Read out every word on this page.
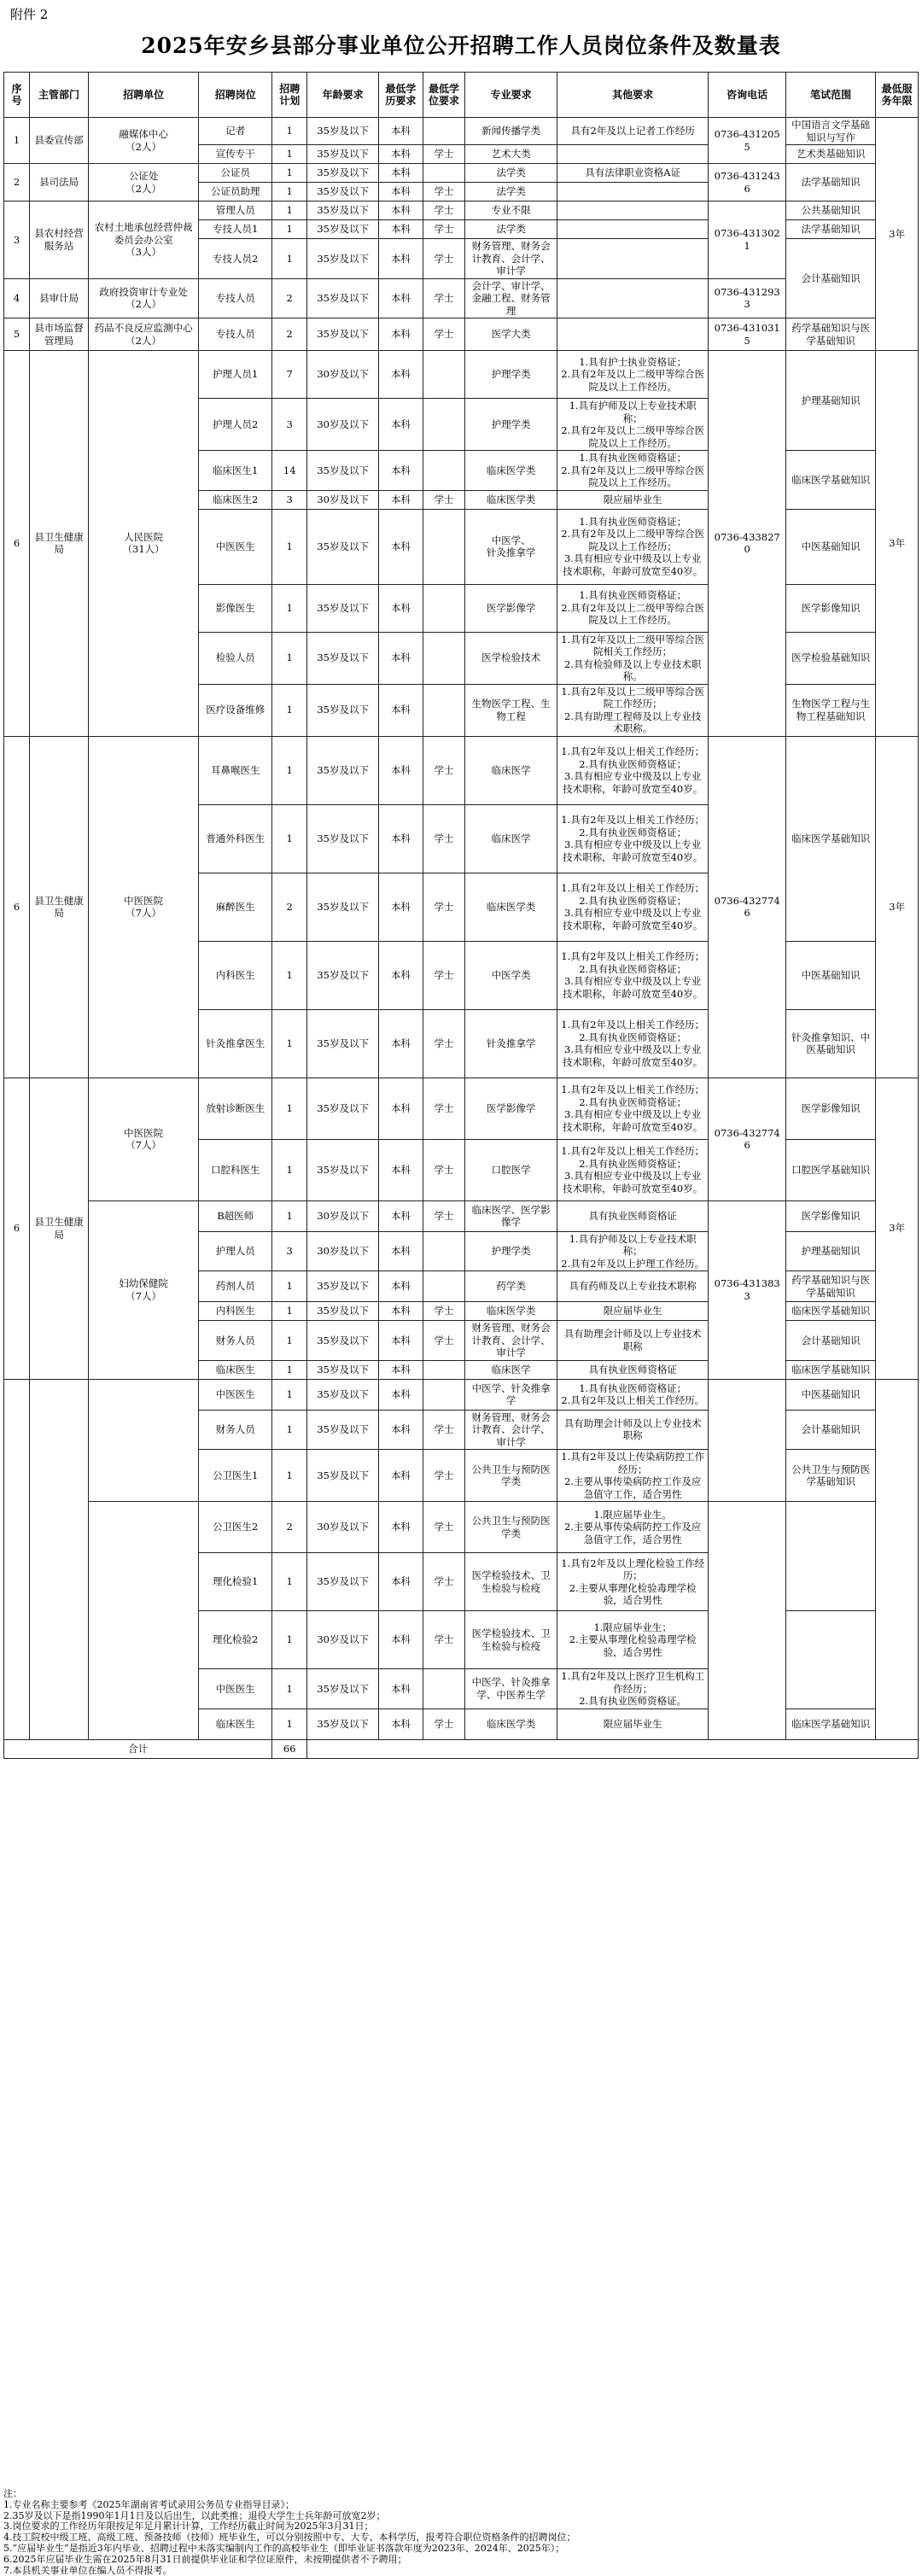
附件 2
2025年安乡县部分事业单位公开招聘工作人员岗位条件及数量表
序号	主管部门	招聘单位	招聘岗位	招聘计划	年龄要求	最低学历要求	最低学位要求	专业要求	其他要求	咨询电话	笔试范围	最低服务年限
1	县委宣传部	融媒体中心
（2人）	记者	1	35岁及以下	本科		新闻传播学类	具有2年及以上记者工作经历	0736-4312055	中国语言文学基础知识与写作	3年
			宣传专干	1	35岁及以下	本科	学士	艺术大类			艺术类基础知识	
2	县司法局	公证处
（2人）	公证员	1	35岁及以下	本科		法学类	具有法律职业资格A证	0736-4312436	法学基础知识	
			公证员助理	1	35岁及以下	本科	学士	法学类				
3	县农村经营服务站	农村土地承包经营仲裁委员会办公室
（3人）	管理人员	1	35岁及以下	本科	学士	专业不限		0736-4313021	公共基础知识	
			专技人员1	1	35岁及以下	本科	学士	法学类			法学基础知识	
			专技人员2	1	35岁及以下	本科	学士	财务管理、财务会计教育、会计学、审计学			会计基础知识	
4	县审计局	政府投资审计专业处
（2人）	专技人员	2	35岁及以下	本科	学士	会计学、审计学、金融工程、财务管理		0736-4312933		
5	县市场监督管理局	药品不良反应监测中心
（2人）	专技人员	2	35岁及以下	本科	学士	医学大类		0736-4310315	药学基础知识与医学基础知识	
6	县卫生健康局	人民医院
（31人）	护理人员1	7	30岁及以下	本科		护理学类	1.具有护士执业资格证；
2.具有2年及以上二级甲等综合医院及以上工作经历。	0736-4338270	护理基础知识	3年
			护理人员2	3	30岁及以下	本科		护理学类	1.具有护师及以上专业技术职称；
2.具有2年及以上二级甲等综合医院及以上工作经历。			
			临床医生1	14	35岁及以下	本科		临床医学类	1.具有执业医师资格证；
2.具有2年及以上二级甲等综合医院及以上工作经历。		临床医学基础知识	
			临床医生2	3	30岁及以下	本科	学士	临床医学类	限应届毕业生			
			中医医生	1	35岁及以下	本科		中医学、
针灸推拿学	1.具有执业医师资格证；
2.具有2年及以上二级甲等综合医院及以上工作经历；
3.具有相应专业中级及以上专业技术职称，年龄可放宽至40岁。		中医基础知识	
			影像医生	1	35岁及以下	本科		医学影像学	1.具有执业医师资格证；
2.具有2年及以上二级甲等综合医院及以上工作经历。		医学影像知识	
			检验人员	1	35岁及以下	本科		医学检验技术	1.具有2年及以上二级甲等综合医院相关工作经历；
2.具有检验师及以上专业技术职称。		医学检验基础知识	
			医疗设备维修	1	35岁及以下	本科		生物医学工程、生物工程	1.具有2年及以上二级甲等综合医院工作经历；
2.具有助理工程师及以上专业技术职称。		生物医学工程与生物工程基础知识	
6	县卫生健康局	中医医院
（7人）	耳鼻喉医生	1	35岁及以下	本科	学士	临床医学	1.具有2年及以上相关工作经历；
2.具有执业医师资格证；
3.具有相应专业中级及以上专业技术职称，年龄可放宽至40岁。	0736-4327746	临床医学基础知识	3年
			普通外科医生	1	35岁及以下	本科	学士	临床医学	1.具有2年及以上相关工作经历；
2.具有执业医师资格证；
3.具有相应专业中级及以上专业技术职称，年龄可放宽至40岁。			
			麻醉医生	2	35岁及以下	本科	学士	临床医学类	1.具有2年及以上相关工作经历；
2.具有执业医师资格证；
3.具有相应专业中级及以上专业技术职称，年龄可放宽至40岁。			
			内科医生	1	35岁及以下	本科	学士	中医学类	1.具有2年及以上相关工作经历；
2.具有执业医师资格证；
3.具有相应专业中级及以上专业技术职称，年龄可放宽至40岁。		中医基础知识	
			针灸推拿医生	1	35岁及以下	本科	学士	针灸推拿学	1.具有2年及以上相关工作经历；
2.具有执业医师资格证；
3.具有相应专业中级及以上专业技术职称，年龄可放宽至40岁。		针灸推拿知识、中医基础知识	
6	县卫生健康局	中医医院
（7人）	放射诊断医生	1	35岁及以下	本科	学士	医学影像学	1.具有2年及以上相关工作经历；
2.具有执业医师资格证；
3.具有相应专业中级及以上专业技术职称，年龄可放宽至40岁。	0736-4327746	医学影像知识	3年
			口腔科医生	1	35岁及以下	本科	学士	口腔医学	1.具有2年及以上相关工作经历；
2.具有执业医师资格证；
3.具有相应专业中级及以上专业技术职称，年龄可放宽至40岁。		口腔医学基础知识	
		妇幼保健院
（7人）	B超医师	1	30岁及以下	本科	学士	临床医学、医学影像学	具有执业医师资格证	0736-4313833	医学影像知识	
			护理人员	3	30岁及以下	本科		护理学类	1.具有护师及以上专业技术职称；
2.具有2年及以上护理工作经历。		护理基础知识	
			药剂人员	1	35岁及以下	本科		药学类	具有药师及以上专业技术职称		药学基础知识与医学基础知识	
			内科医生	1	35岁及以下	本科	学士	临床医学类	限应届毕业生		临床医学基础知识	
			财务人员	1	35岁及以下	本科	学士	财务管理、财务会计教育、会计学、审计学	具有助理会计师及以上专业技术职称		会计基础知识	
			临床医生	1	35岁及以下	本科		临床医学	具有执业医师资格证		临床医学基础知识	
			中医医生	1	35岁及以下	本科		中医学、针灸推拿学	1.具有执业医师资格证；
2.具有2年及以上相关工作经历。		中医基础知识	
			财务人员	1	35岁及以下	本科	学士	财务管理、财务会计教育、会计学、审计学	具有助理会计师及以上专业技术职称		会计基础知识	
			公卫医生1	1	35岁及以下	本科	学士	公共卫生与预防医学类	1.具有2年及以上传染病防控工作经历；
2.主要从事传染病防控工作及应急值守工作，适合男性		公共卫生与预防医学基础知识	
			公卫医生2	2	30岁及以下	本科	学士	公共卫生与预防医学类	1.限应届毕业生。
2.主要从事传染病防控工作及应急值守工作，适合男性			
			理化检验1	1	35岁及以下	本科	学士	医学检验技术、卫生检验与检疫	1.具有2年及以上理化检验工作经历；
2.主要从事理化检验毒理学检验，适合男性			
			理化检验2	1	30岁及以下	本科	学士	医学检验技术、卫生检验与检疫	1.限应届毕业生；
2.主要从事理化检验毒理学检验，适合男性			
			中医医生	1	35岁及以下	本科		中医学、针灸推拿学、中医养生学	1.具有2年及以上医疗卫生机构工作经历；
2.具有执业医师资格证。			
			临床医生	1	35岁及以下	本科	学士	临床医学类	限应届毕业生		临床医学基础知识	
合计				66								
注：
1.专业名称主要参考《2025年湖南省考试录用公务员专业指导目录》；
2.35岁及以下是指1990年1月1日及以后出生，以此类推；退役大学生士兵年龄可放宽2岁；
3.岗位要求的工作经历年限按足年足月累计计算，工作经历截止时间为2025年3月31日；
4.技工院校中级工班、高级工班、预备技师（技师）班毕业生，可以分别按照中专、大专、本科学历，报考符合职位资格条件的招聘岗位；
5.“应届毕业生”是指近3年内毕业、招聘过程中未落实编制内工作的高校毕业生（即毕业证书落款年度为2023年、2024年、2025年）；
6.2025年应届毕业生需在2025年8月31日前提供毕业证和学位证原件，未按期提供者不予聘用；
7.本县机关事业单位在编人员不得报考。
